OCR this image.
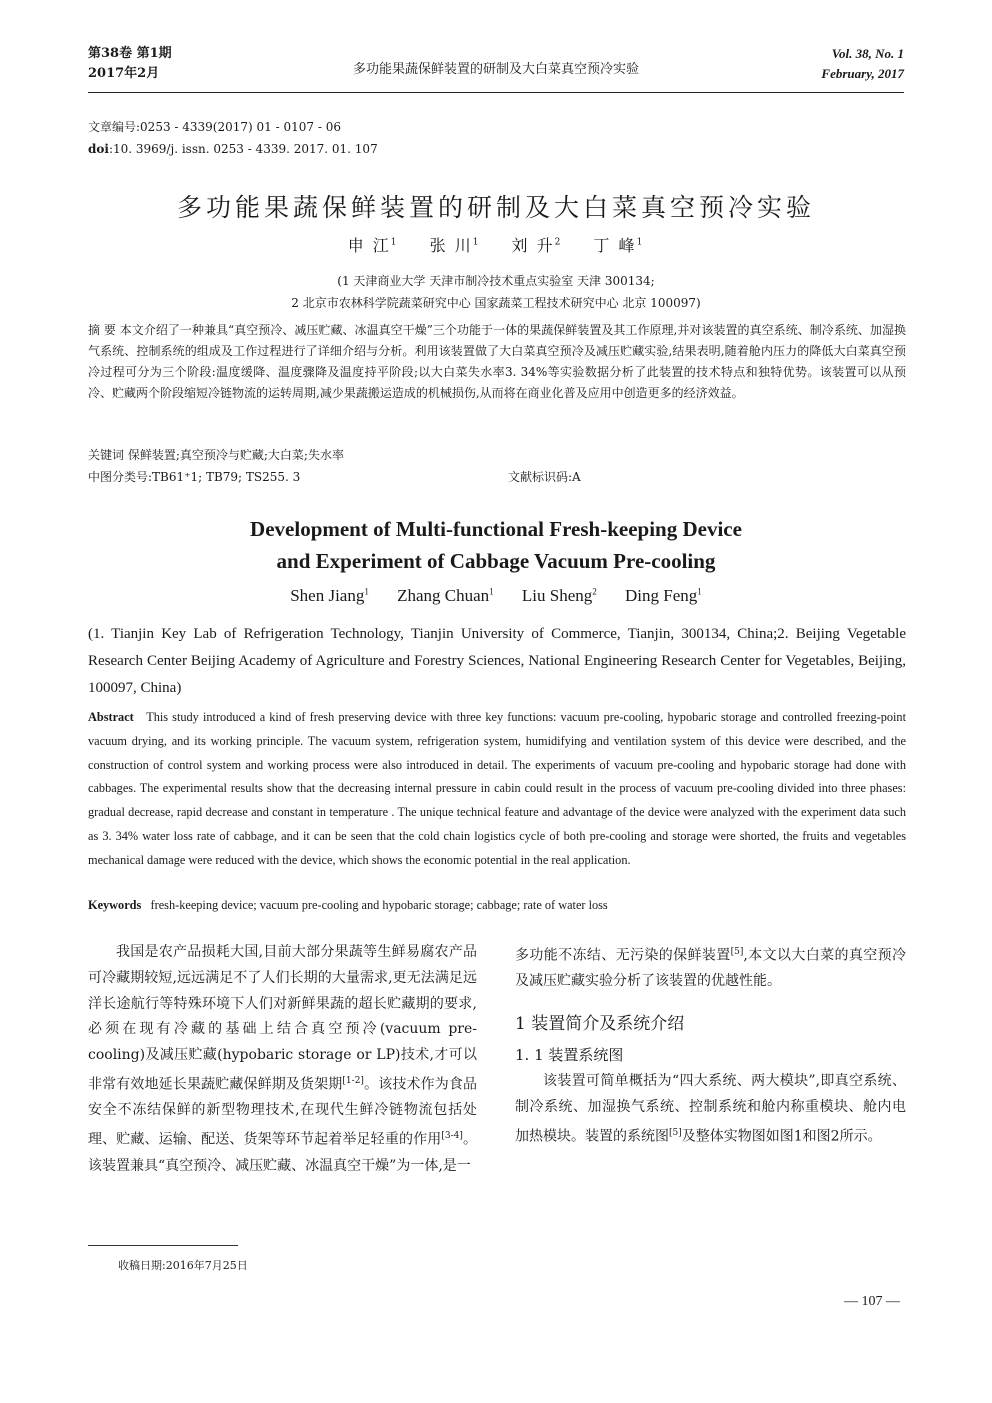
第38卷 第1期
2017年2月	多功能果蔬保鲜装置的研制及大白菜真空预冷实验
Vol. 38, No. 1
February, 2017
文章编号:0253 - 4339(2017) 01 - 0107 - 06
doi:10. 3969/j. issn. 0253 - 4339. 2017. 01. 107
多功能果蔬保鲜装置的研制及大白菜真空预冷实验
申 江$^1$ 张 川$^1$ 刘 升$^2$ 丁 峰$^1$
(1 天津商业大学 天津市制冷技术重点实验室 天津 300134;
2 北京市农林科学院蔬菜研究中心 国家蔬菜工程技术研究中心 北京 100097)
摘 要 本文介绍了一种兼具“真空预冷、减压贮藏、冰温真空干燥”三个功能于一体的果蔬保鲜装置及其工作原理,并对该装置的真空系统、制冷系统、加湿换气系统、控制系统的组成及工作过程进行了详细介绍与分析。利用该装置做了大白菜真空预冷及减压贮藏实验,结果表明,随着舱内压力的降低大白菜真空预冷过程可分为三个阶段:温度缓降、温度骤降及温度持平阶段;以大白菜失水率3. 34%等实验数据分析了此装置的技术特点和独特优势。该装置可以从预冷、贮藏两个阶段缩短冷链物流的运转周期,减少果蔬搬运造成的机械损伤,从而将在商业化普及应用中创造更多的经济效益。
关键词 保鲜装置;真空预冷与贮藏;大白菜;失水率
中图分类号:TB61⁺1; TB79; TS255. 3	文献标识码:A
Development of Multi-functional Fresh-keeping Device
and Experiment of Cabbage Vacuum Pre-cooling
Shen Jiang$^1$ Zhang Chuan$^1$ Liu Sheng$^2$ Ding Feng$^1$
(1. Tianjin Key Lab of Refrigeration Technology, Tianjin University of Commerce, Tianjin, 300134, China;2. Beijing Vegetable Research Center Beijing Academy of Agriculture and Forestry Sciences, National Engineering Research Center for Vegetables, Beijing, 100097, China)
Abstract This study introduced a kind of fresh preserving device with three key functions: vacuum pre-cooling, hypobaric storage and controlled freezing-point vacuum drying, and its working principle. The vacuum system, refrigeration system, humidifying and ventilation system of this device were described, and the construction of control system and working process were also introduced in detail. The experiments of vacuum pre-cooling and hypobaric storage had done with cabbages. The experimental results show that the decreasing internal pressure in cabin could result in the process of vacuum pre-cooling divided into three phases: gradual decrease, rapid decrease and constant in temperature . The unique technical feature and advantage of the device were analyzed with the experiment data such as 3. 34% water loss rate of cabbage, and it can be seen that the cold chain logistics cycle of both pre-cooling and storage were shorted, the fruits and vegetables mechanical damage were reduced with the device, which shows the economic potential in the real application.
Keywords fresh-keeping device; vacuum pre-cooling and hypobaric storage; cabbage; rate of water loss

我国是农产品损耗大国,目前大部分果蔬等生鲜易腐农产品可冷藏期较短,远远满足不了人们长期的大量需求,更无法满足远洋长途航行等特殊环境下人们对新鲜果蔬的超长贮藏期的要求,必须在现有冷藏的基础上结合真空预冷(vacuum pre-cooling)及减压贮藏(hypobaric storage or LP)技术,才可以非常有效地延长果蔬贮藏保鲜期及货架期[1-2]。该技术作为食品安全不冻结保鲜的新型物理技术,在现代生鲜冷链物流包括处理、贮藏、运输、配送、货架等环节起着举足轻重的作用[3-4]。该装置兼具“真空预冷、减压贮藏、冰温真空干燥”为一体,是一

多功能不冻结、无污染的保鲜装置[5],本文以大白菜的真空预冷及减压贮藏实验分析了该装置的优越性能。

1 装置简介及系统介绍
1. 1 装置系统图

该装置可简单概括为“四大系统、两大模块”,即真空系统、制冷系统、加湿换气系统、控制系统和舱内称重模块、舱内电加热模块。装置的系统图[5]及整体实物图如图1和图2所示。

收稿日期:2016年7月25日
— 107 —
